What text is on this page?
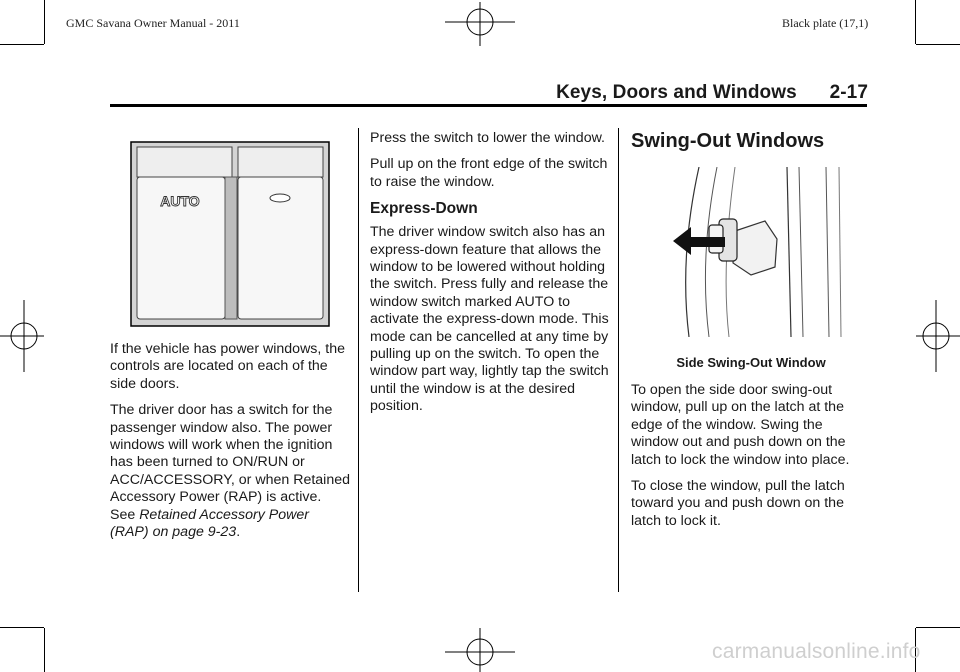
GMC Savana Owner Manual - 2011	Black plate (17,1)
Keys, Doors and Windows 2-17
AUTO

If the vehicle has power windows, the controls are located on each of the side doors.

The driver door has a switch for the passenger window also. The power windows will work when the ignition has been turned to ON/RUN or ACC/ACCESSORY, or when Retained Accessory Power (RAP) is active. See Retained Accessory Power (RAP) on page 9-23.

Press the switch to lower the window.

Pull up on the front edge of the switch to raise the window.

Express-Down

The driver window switch also has an express-down feature that allows the window to be lowered without holding the switch. Press fully and release the window switch marked AUTO to activate the express-down mode. This mode can be cancelled at any time by pulling up on the switch. To open the window part way, lightly tap the switch until the window is at the desired position.

Swing-Out Windows
Side Swing-Out Window

To open the side door swing-out window, pull up on the latch at the edge of the window. Swing the window out and push down on the latch to lock the window into place.

To close the window, pull the latch toward you and push down on the latch to lock it.

carmanualsonline.info
